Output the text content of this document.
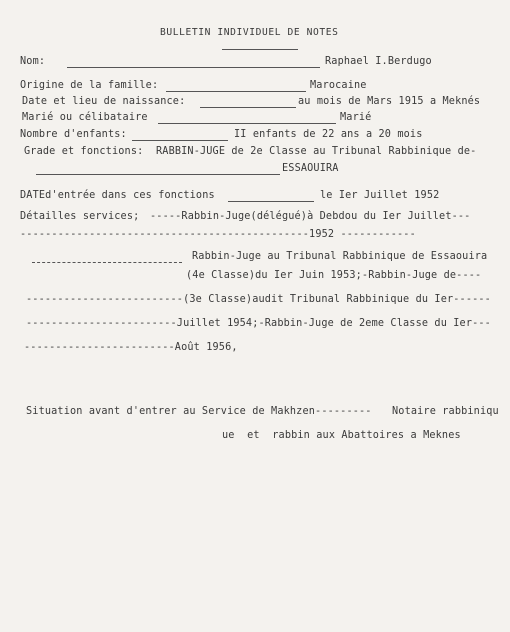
BULLETIN INDIVIDUEL DE NOTES
Nom:	Raphael I.Berdugo
Origine de la famille:	Marocaine
Date et lieu de naissance:	au mois de Mars 1915 a Meknés
Marié ou célibataire	Marié
Nombre d'enfants:	II enfants de 22 ans a 20 mois
Grade et fonctions: RABBIN-JUGE de 2e Classe au Tribunal Rabbinique de-
ESSAOUIRA
DATEd'entrée dans ces fonctions	le Ier Juillet 1952
Détailles services; -----Rabbin-Juge(délégué)à Debdou du Ier Juillet---
----------------------------------------------1952 ------------
Rabbin-Juge au Tribunal Rabbinique de Essaouira
(4e Classe)du Ier Juin 1953;-Rabbin-Juge de----
-------------------------(3e Classe)audit Tribunal Rabbinique du Ier------
------------------------Juillet 1954;-Rabbin-Juge de 2eme Classe du Ier---
------------------------Août 1956,
Situation avant d'entrer au Service de Makhzen--------- Notaire rabbiniqu
ue  et  rabbin aux Abattoires a Meknes
